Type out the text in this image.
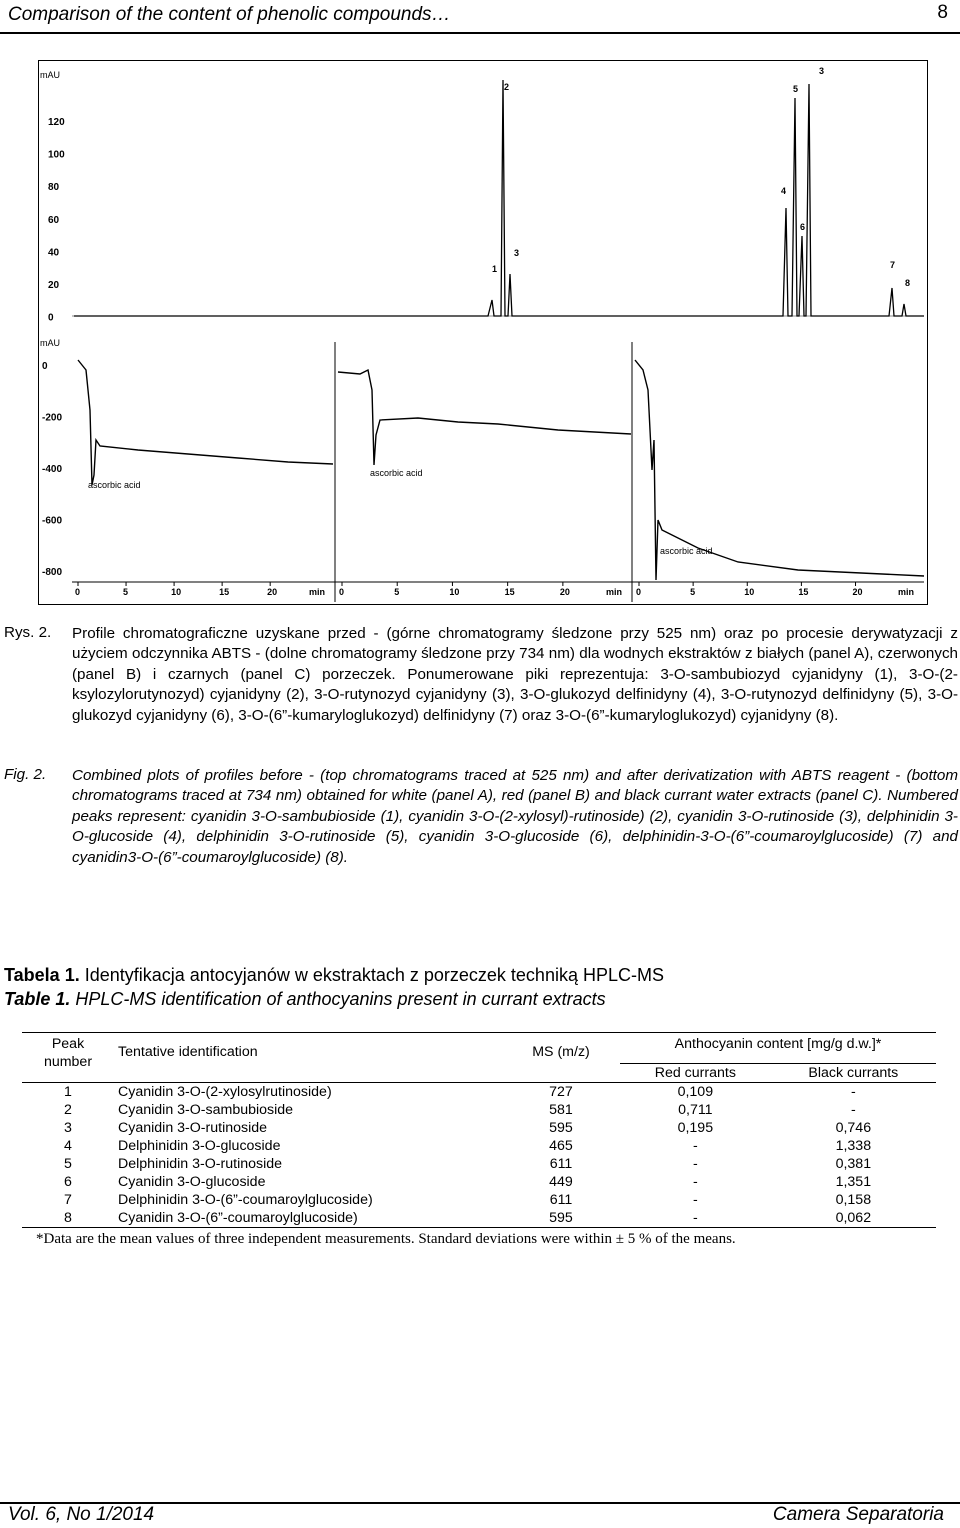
Comparison of the content of phenolic compounds…	8
mAU
120
100
80
60
40
20
0
1
2
3
4
5
6
7
8
3
mAU
0
-200
-400
-600
-800
ascorbic acid
ascorbic acid
ascorbic acid
0	5	10	15	20	min 0	5	10	15	20	min 0	5	10	15	20	min
Rys. 2. Profile chromatograficzne uzyskane przed - (górne chromatogramy śledzone przy 525 nm) oraz po procesie derywatyzacji z użyciem odczynnika ABTS - (dolne chromatogramy śledzone przy 734 nm) dla wodnych ekstraktów z białych (panel A), czerwonych (panel B) i czarnych (panel C) porzeczek. Ponumerowane piki reprezentuja: 3-O-sambubiozyd cyjanidyny (1), 3-O-(2-ksylozylorutynozyd) cyjanidyny (2), 3-O-rutynozyd cyjanidyny (3), 3-O-glukozyd delfinidyny (4), 3-O-rutynozyd delfinidyny (5), 3-O-glukozyd cyjanidyny (6), 3-O-(6”-kumaryloglukozyd) delfinidyny (7) oraz 3-O-(6”-kumaryloglukozyd) cyjanidyny (8).
Fig. 2. Combined plots of profiles before - (top chromatograms traced at 525 nm) and after derivatization with ABTS reagent - (bottom chromatograms traced at 734 nm) obtained for white (panel A), red (panel B) and black currant water extracts (panel C). Numbered peaks represent: cyanidin 3-O-sambubioside (1), cyanidin 3-O-(2-xylosyl)-rutinoside) (2), cyanidin 3-O-rutinoside (3), delphinidin 3-O-glucoside (4), delphinidin 3-O-rutinoside (5), cyanidin 3-O-glucoside (6), delphinidin-3-O-(6”-coumaroylglucoside) (7) and cyanidin3-O-(6”-coumaroylglucoside) (8).
Tabela 1. Identyfikacja antocyjanów w ekstraktach z porzeczek techniką HPLC-MS
Table 1. HPLC-MS identification of anthocyanins present in currant extracts
Peak number	Tentative identification	MS (m/z)	Anthocyanin content [mg/g d.w.]*	
			Red currants	Black currants
1	Cyanidin 3-O-(2-xylosylrutinoside)	727	0,109	-
2	Cyanidin 3-O-sambubioside	581	0,711	-
3	Cyanidin 3-O-rutinoside	595	0,195	0,746
4	Delphinidin 3-O-glucoside	465	-	1,338
5	Delphinidin 3-O-rutinoside	611	-	0,381
6	Cyanidin 3-O-glucoside	449	-	1,351
7	Delphinidin 3-O-(6”-coumaroylglucoside)	611	-	0,158
8	Cyanidin 3-O-(6”-coumaroylglucoside)	595	-	0,062
*Data are the mean values of three independent measurements. Standard deviations were within ± 5 % of the means.				
Vol. 6, No 1/2014	Camera Separatoria
